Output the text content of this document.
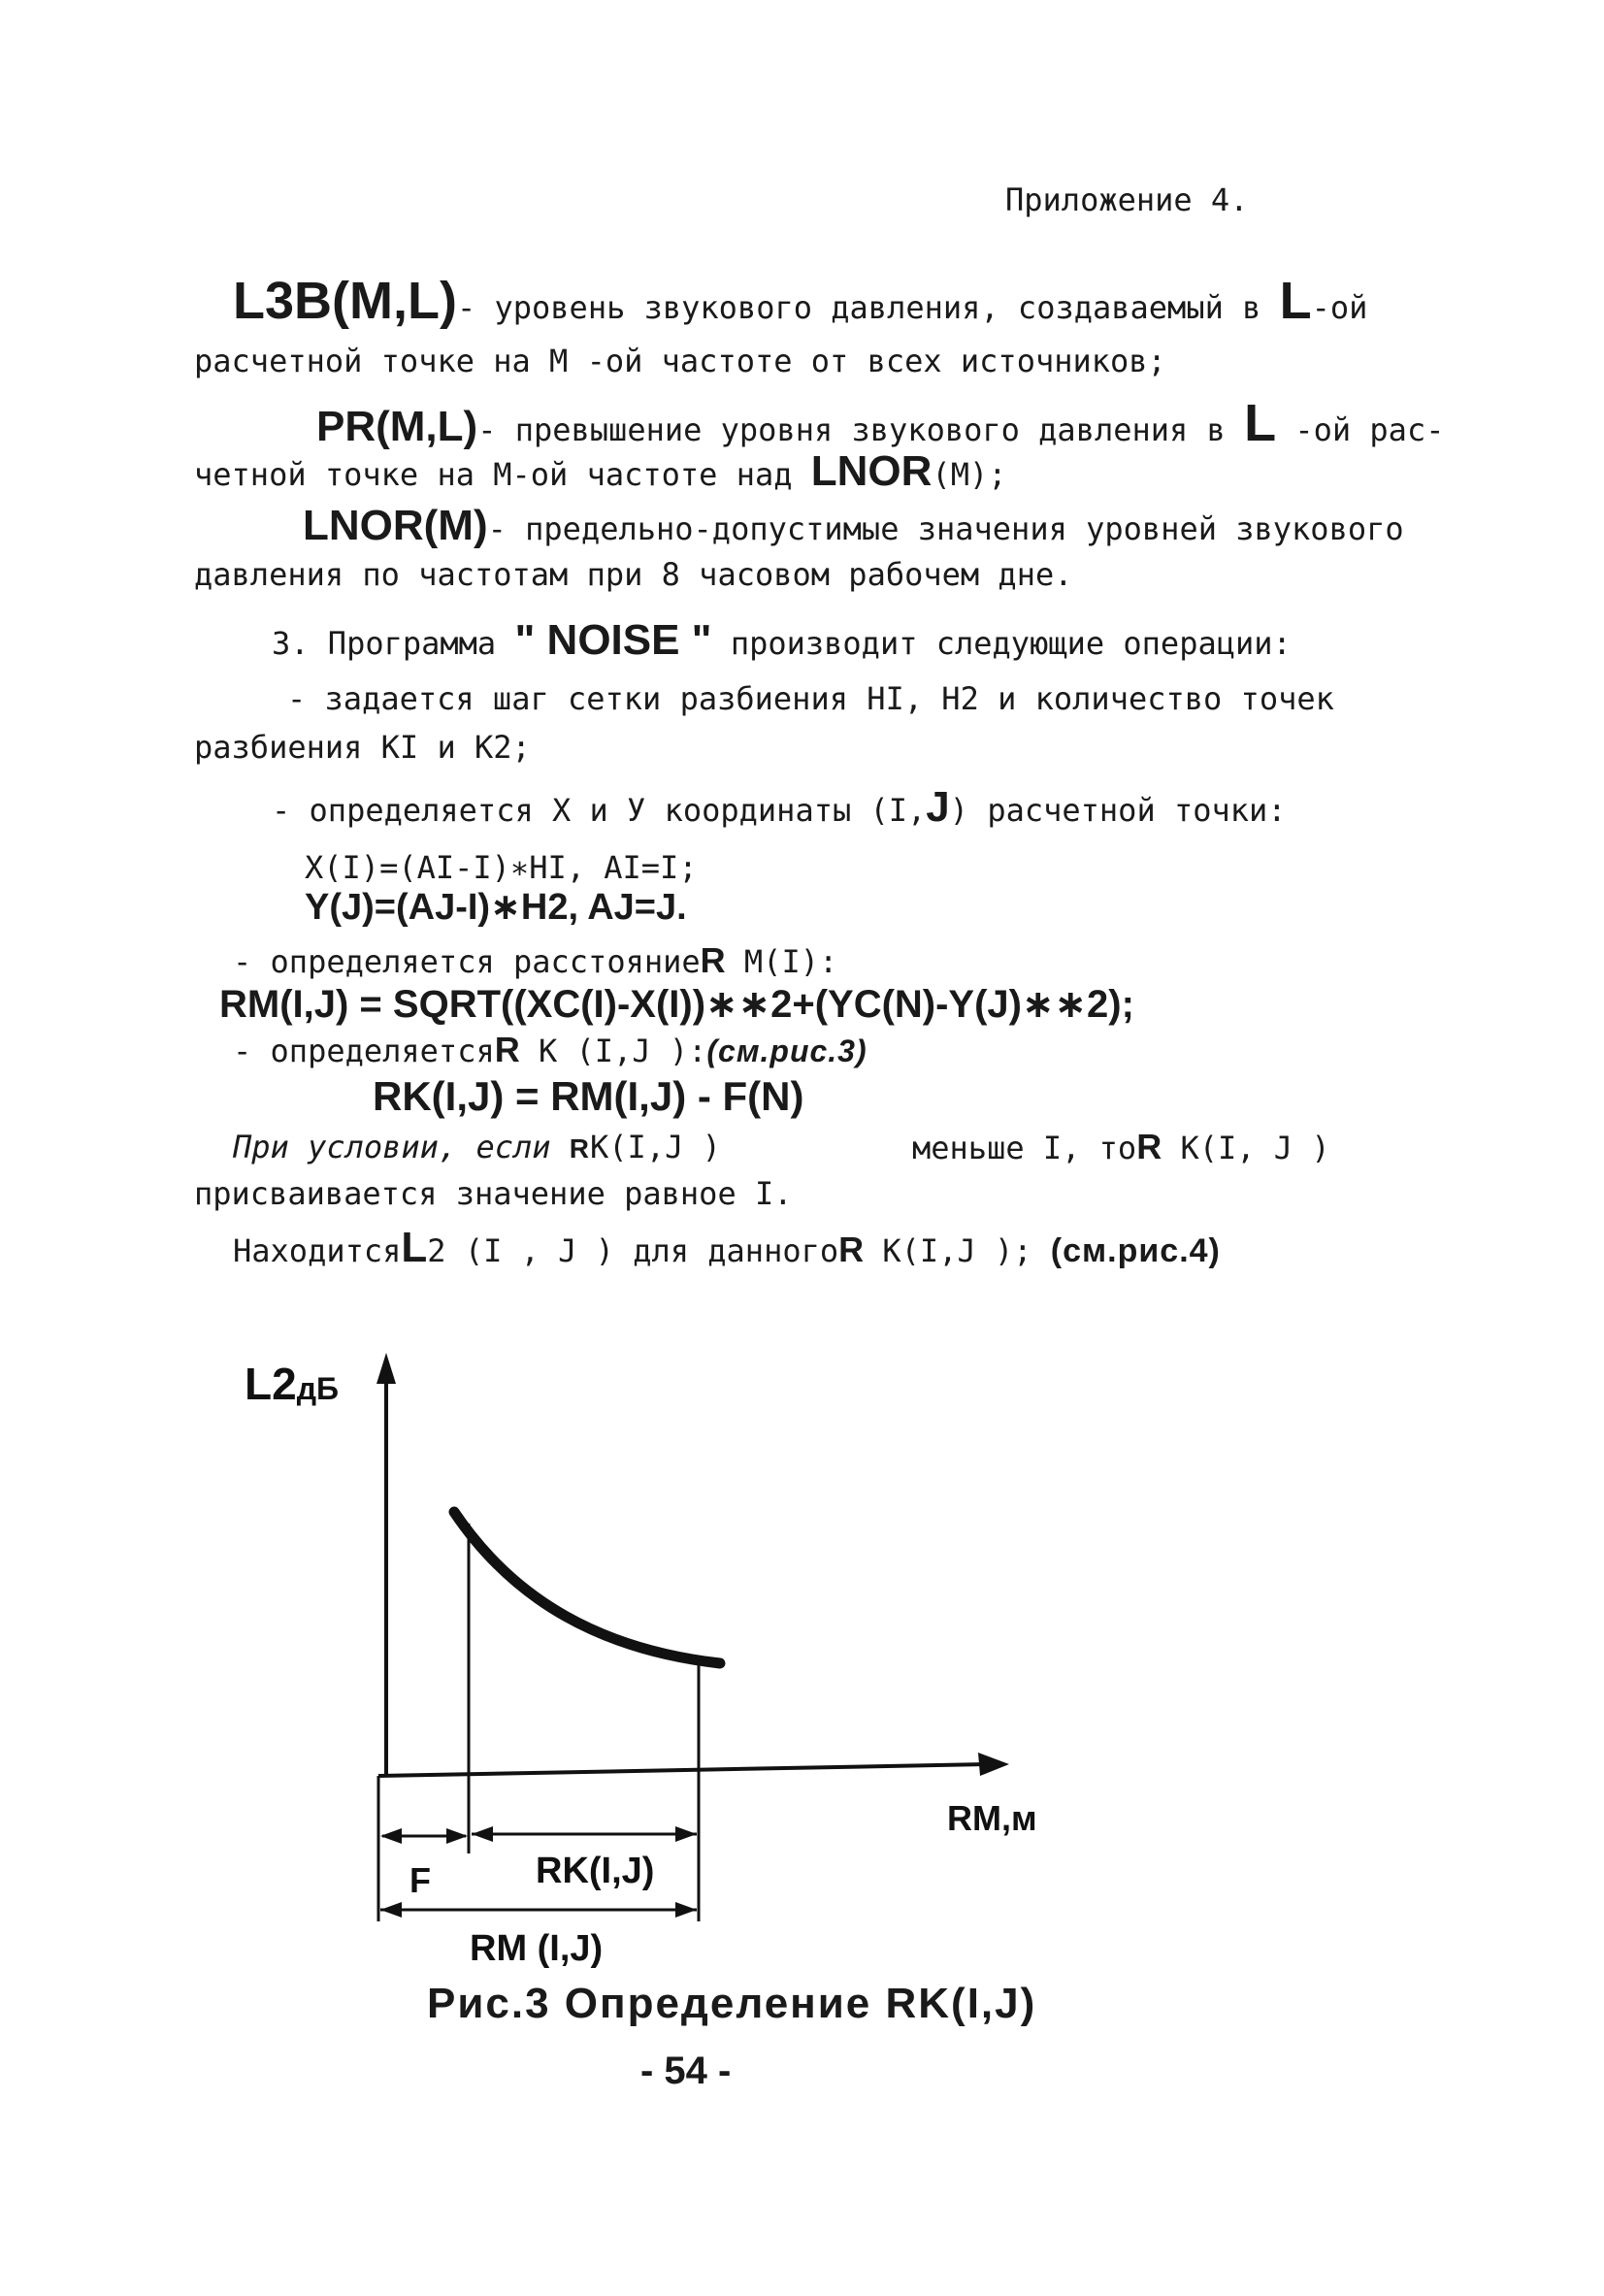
Приложение 4.
L3B(M,L)- уровень звукового давления, создаваемый в L-ой
расчетной точке на М -ой частоте от всех источников;
PR(M,L)- превышение уровня звукового давления в L -ой рас-
четной точке на М-ой частоте над LNOR(М);
LNOR(M)- предельно-допустимые значения уровней звукового
давления по частотам при 8 часовом рабочем дне.
3. Программа " NOISE " производит следующие операции:
- задается шаг сетки разбиения HI, H2 и количество точек
разбиения KI и K2;
- определяется X и У координаты (I,J) расчетной точки:
X(I)=(AI-I)∗HI, AI=I;
Y(J)=(AJ-I)∗H2, AJ=J.
- определяется расстояниеR М(I):
RM(I,J) = SQRT((XC(I)-X(I))∗∗2+(YC(N)-Y(J)∗∗2);
- определяетсяR K (I,J ):(см.рис.3)
RK(I,J) = RM(I,J) - F(N)
При условии, если RK(I,J )	меньше I, тоR K(I, J )
присваивается значение равное I.
НаходитсяL2 (I , J ) для данногоR K(I,J ); (см.рис.4)
L2дБ
RM,м
F	RK(I,J)
RM (I,J)
Рис.3 Определение RK(I,J)
- 54 -
